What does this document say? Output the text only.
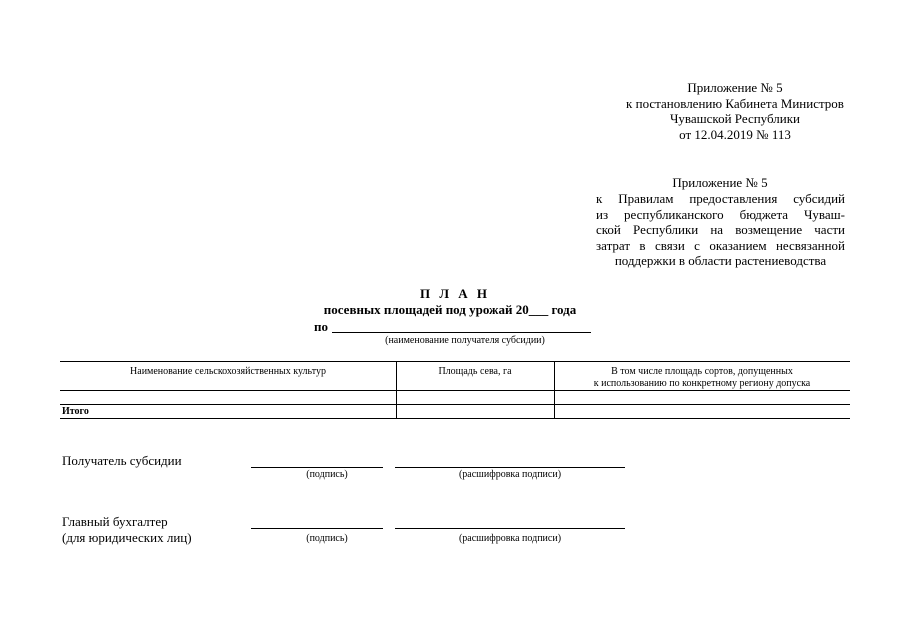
Приложение № 5
к постановлению Кабинета Министров
Чувашской Республики
от 12.04.2019 № 113
Приложение № 5
к Правилам предоставления субсидий
из республиканского бюджета Чуваш-
ской Республики на возмещение части
затрат в связи с оказанием несвязанной
поддержки в области растениеводства
П Л А Н
посевных площадей под урожай 20___ года
по
(наименование получателя субсидии)
Наименование сельскохозяйственных культур	Площадь сева, га	В том числе площадь сортов, допущенных
к использованию по конкретному региону допуска
Итого
Получатель субсидии
(подпись)	(расшифровка подписи)
Главный бухгалтер
(для юридических лиц)	(подпись)	(расшифровка подписи)
